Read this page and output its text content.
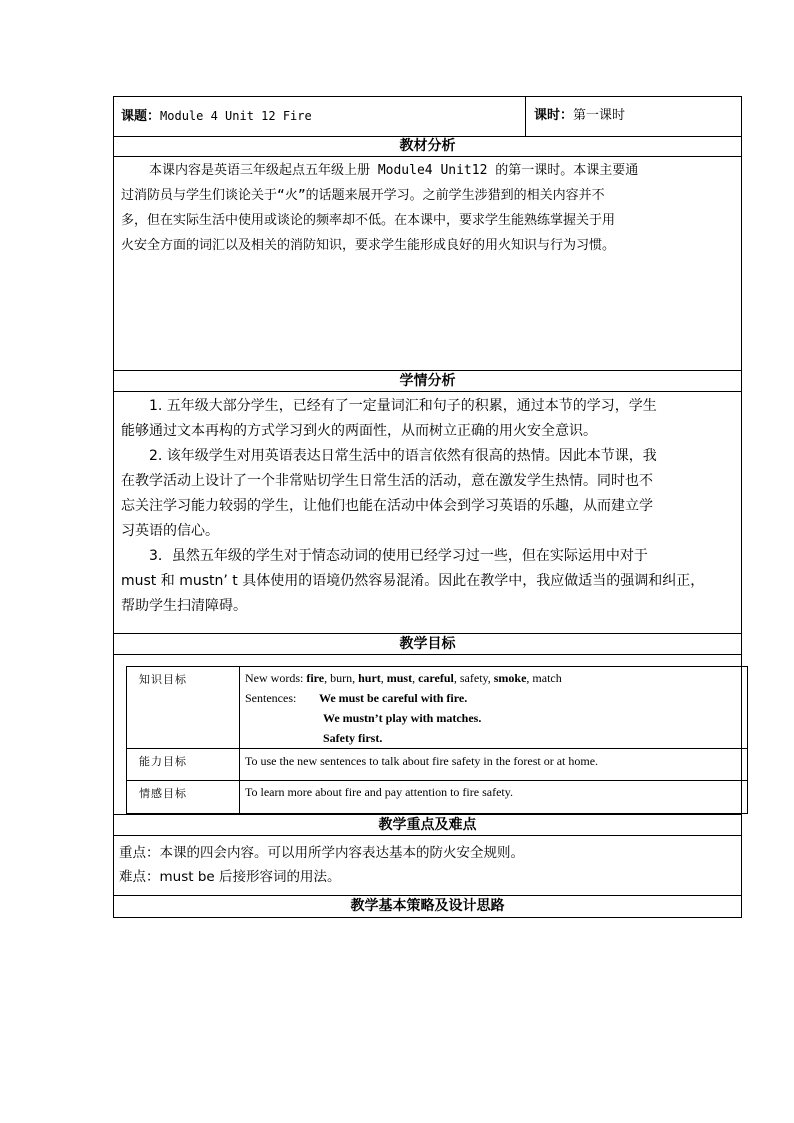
课题：Module 4 Unit 12 Fire	课时：第一课时
教材分析
本课内容是英语三年级起点五年级上册 Module4 Unit12 的第一课时。本课主要通
过消防员与学生们谈论关于“火”的话题来展开学习。之前学生涉猎到的相关内容并不
多，但在实际生活中使用或谈论的频率却不低。在本课中，要求学生能熟练掌握关于用
火安全方面的词汇以及相关的消防知识，要求学生能形成良好的用火知识与行为习惯。
学情分析
1. 五年级大部分学生，已经有了一定量词汇和句子的积累，通过本节的学习，学生
能够通过文本再构的方式学习到火的两面性，从而树立正确的用火安全意识。
2. 该年级学生对用英语表达日常生活中的语言依然有很高的热情。因此本节课，我
在教学活动上设计了一个非常贴切学生日常生活的活动，意在激发学生热情。同时也不
忘关注学习能力较弱的学生，让他们也能在活动中体会到学习英语的乐趣，从而建立学
习英语的信心。
3．虽然五年级的学生对于情态动词的使用已经学习过一些，但在实际运用中对于
must 和 mustn’ t 具体使用的语境仍然容易混淆。因此在教学中，我应做适当的强调和纠正，
帮助学生扫清障碍。
教学目标
知识目标	New words: fire, burn, hurt, must, careful, safety, smoke, match
Sentences: We must be careful with fire.
We mustn’t play with matches.
Safety first.
能力目标	To use the new sentences to talk about fire safety in the forest or at home.
情感目标	To learn more about fire and pay attention to fire safety.
教学重点及难点
重点：本课的四会内容。可以用所学内容表达基本的防火安全规则。
难点：must be 后接形容词的用法。
教学基本策略及设计思路
